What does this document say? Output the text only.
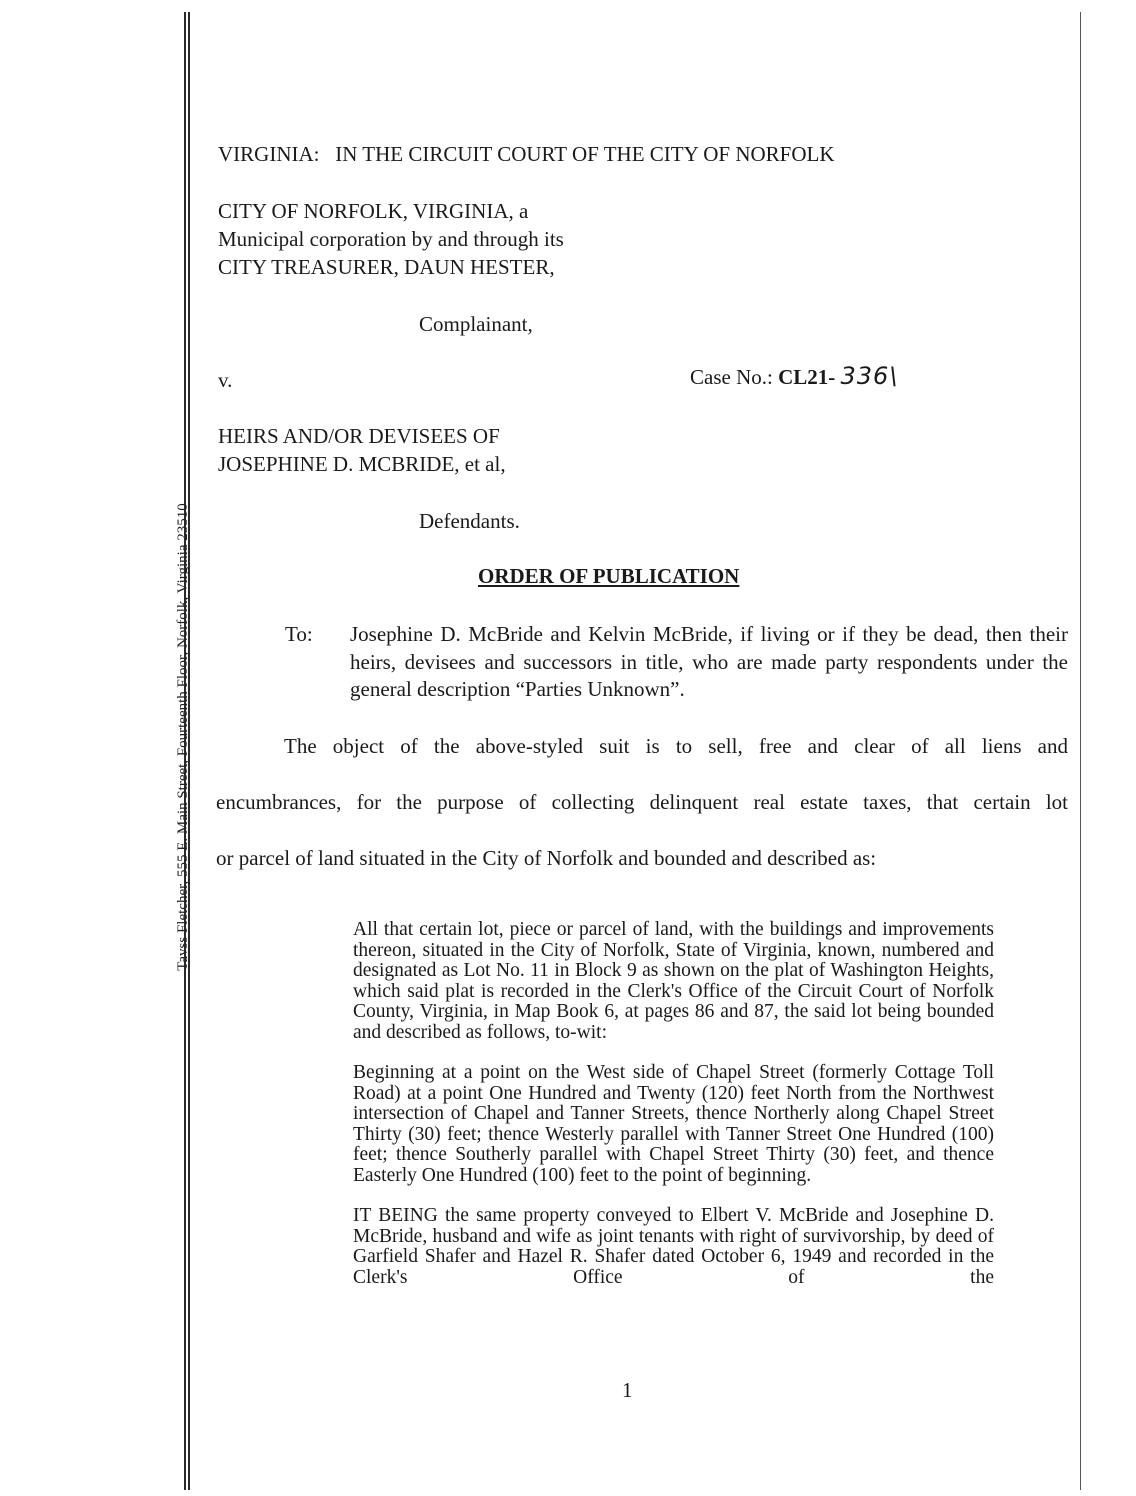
Tavss Fletcher, 555 E. Main Street, Fourteenth Floor, Norfolk, Virginia 23510
VIRGINIA:   IN THE CIRCUIT COURT OF THE CITY OF NORFOLK
CITY OF NORFOLK, VIRGINIA, a
Municipal corporation by and through its
CITY TREASURER, DAUN HESTER,
Complainant,
v.	Case No.: CL21- 336\
HEIRS AND/OR DEVISEES OF
JOSEPHINE D. MCBRIDE, et al,
Defendants.
ORDER OF PUBLICATION
To: Josephine D. McBride and Kelvin McBride, if living or if they be dead, then their heirs, devisees and successors in title, who are made party respondents under the general description “Parties Unknown”.
The object of the above-styled suit is to sell, free and clear of all liens and
encumbrances, for the purpose of collecting delinquent real estate taxes, that certain lot
or parcel of land situated in the City of Norfolk and bounded and described as:

All that certain lot, piece or parcel of land, with the buildings and improvements thereon, situated in the City of Norfolk, State of Virginia, known, numbered and designated as Lot No. 11 in Block 9 as shown on the plat of Washington Heights, which said plat is recorded in the Clerk's Office of the Circuit Court of Norfolk County, Virginia, in Map Book 6, at pages 86 and 87, the said lot being bounded and described as follows, to-wit:

Beginning at a point on the West side of Chapel Street (formerly Cottage Toll Road) at a point One Hundred and Twenty (120) feet North from the Northwest intersection of Chapel and Tanner Streets, thence Northerly along Chapel Street Thirty (30) feet; thence Westerly parallel with Tanner Street One Hundred (100) feet; thence Southerly parallel with Chapel Street Thirty (30) feet, and thence Easterly One Hundred (100) feet to the point of beginning.

IT BEING the same property conveyed to Elbert V. McBride and Josephine D. McBride, husband and wife as joint tenants with right of survivorship, by deed of Garfield Shafer and Hazel R. Shafer dated October 6, 1949 and recorded in the Clerk's Office of the

1
